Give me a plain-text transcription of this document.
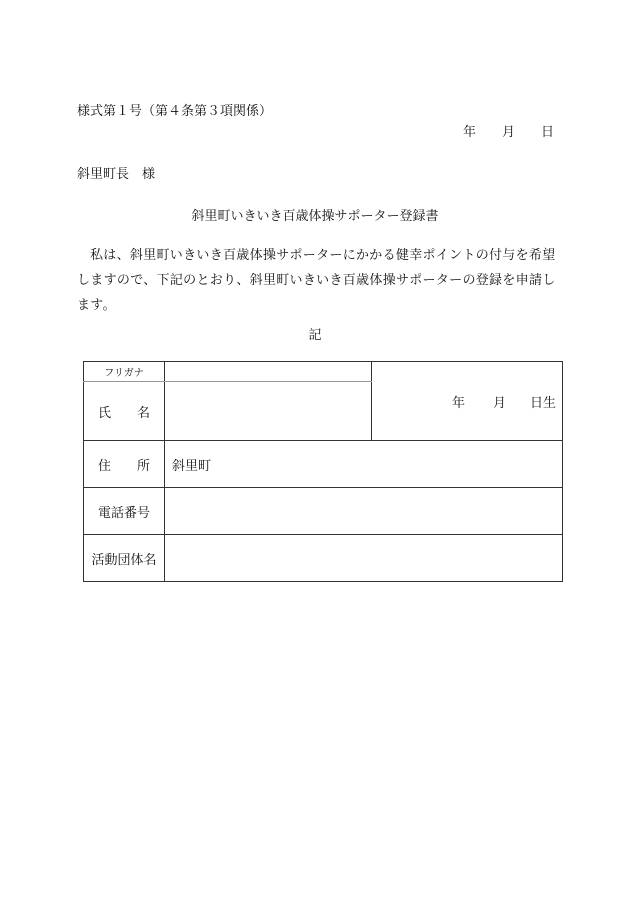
様式第１号（第４条第３項関係）
年 月 日
斜里町長　様
斜里町いきいき百歳体操サポーター登録書
私は、斜里町いきいき百歳体操サポーターにかかる健幸ポイントの付与を希望しますので、下記のとおり、斜里町いきいき百歳体操サポーターの登録を申請します。
記
フリガナ		年 月 日生
氏　　名		
住　　所	斜里町	
電話番号		
活動団体名		
